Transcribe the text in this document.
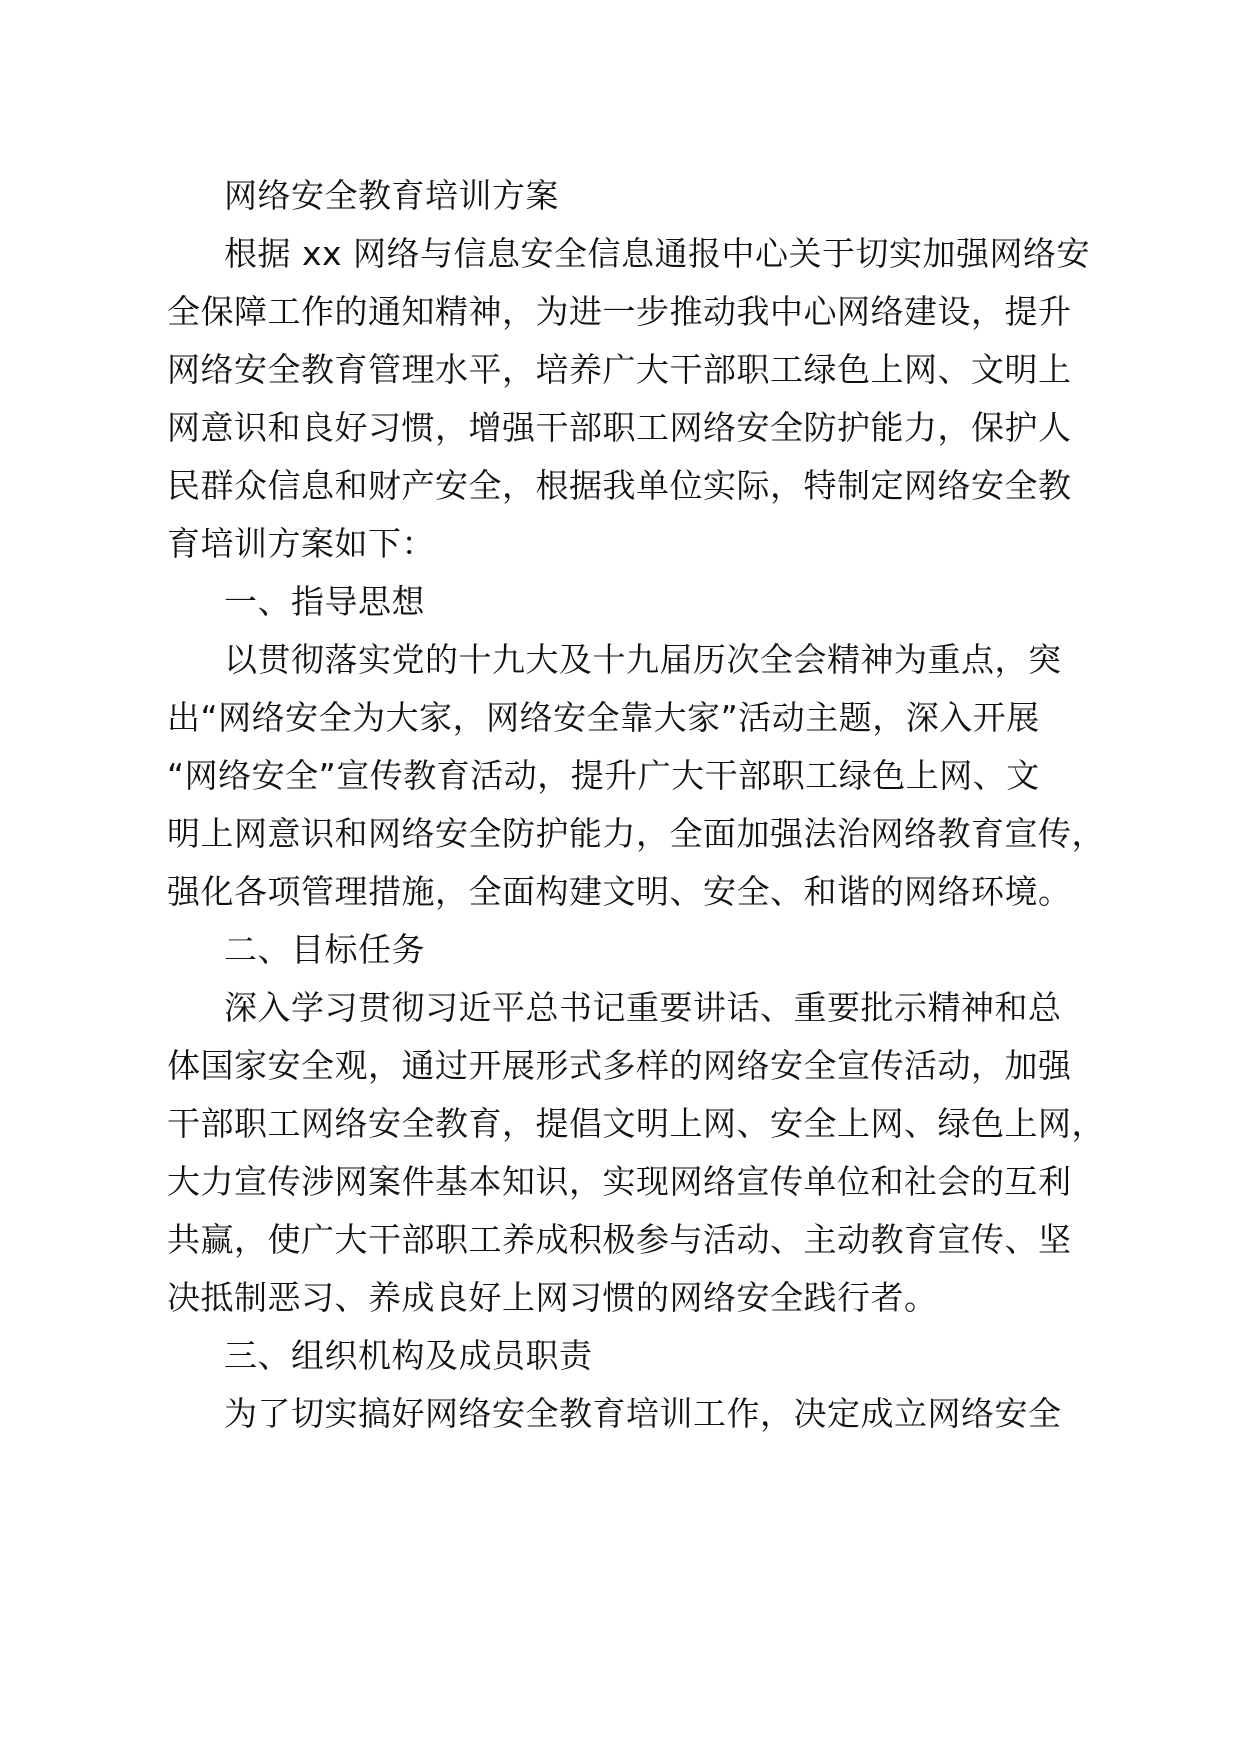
网络安全教育培训方案
根据 xx 网络与信息安全信息通报中心关于切实加强网络安
全保障工作的通知精神，为进一步推动我中心网络建设，提升
网络安全教育管理水平，培养广大干部职工绿色上网、文明上
网意识和良好习惯，增强干部职工网络安全防护能力，保护人
民群众信息和财产安全，根据我单位实际，特制定网络安全教
育培训方案如下：
一、指导思想
以贯彻落实党的十九大及十九届历次全会精神为重点，突
出“网络安全为大家，网络安全靠大家”活动主题，深入开展
“网络安全”宣传教育活动，提升广大干部职工绿色上网、文
明上网意识和网络安全防护能力，全面加强法治网络教育宣传，
强化各项管理措施，全面构建文明、安全、和谐的网络环境。
二、目标任务
深入学习贯彻习近平总书记重要讲话、重要批示精神和总
体国家安全观，通过开展形式多样的网络安全宣传活动，加强
干部职工网络安全教育，提倡文明上网、安全上网、绿色上网，
大力宣传涉网案件基本知识，实现网络宣传单位和社会的互利
共赢，使广大干部职工养成积极参与活动、主动教育宣传、坚
决抵制恶习、养成良好上网习惯的网络安全践行者。
三、组织机构及成员职责
为了切实搞好网络安全教育培训工作，决定成立网络安全
